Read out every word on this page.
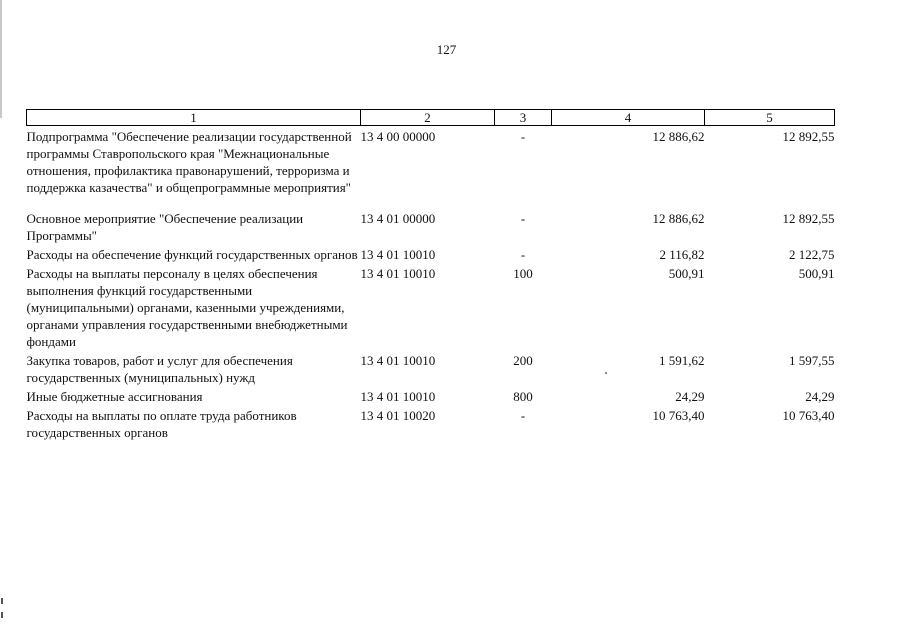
127
1	2	3	4	5
Подпрограмма "Обеспечение реализации государственной программы Ставропольского края "Межнациональные отношения, профилактика правонарушений, терроризма и поддержка казачества" и общепрограммные мероприятия"	13 4 00 00000	-	12 886,62	12 892,55
Основное мероприятие "Обеспечение реализации Программы"	13 4 01 00000	-	12 886,62	12 892,55
Расходы на обеспечение функций государственных органов	13 4 01 10010	-	2 116,82	2 122,75
Расходы на выплаты персоналу в целях обеспечения выполнения функций государственными (муниципальными) органами, казенными учреждениями, органами управления государственными внебюджетными фондами	13 4 01 10010	100	500,91	500,91
Закупка товаров, работ и услуг для обеспечения государственных (муниципальных) нужд	13 4 01 10010	200	1 591,62	1 597,55
Иные бюджетные ассигнования	13 4 01 10010	800	24,29	24,29
Расходы на выплаты по оплате труда работников государственных органов	13 4 01 10020	-	10 763,40	10 763,40
